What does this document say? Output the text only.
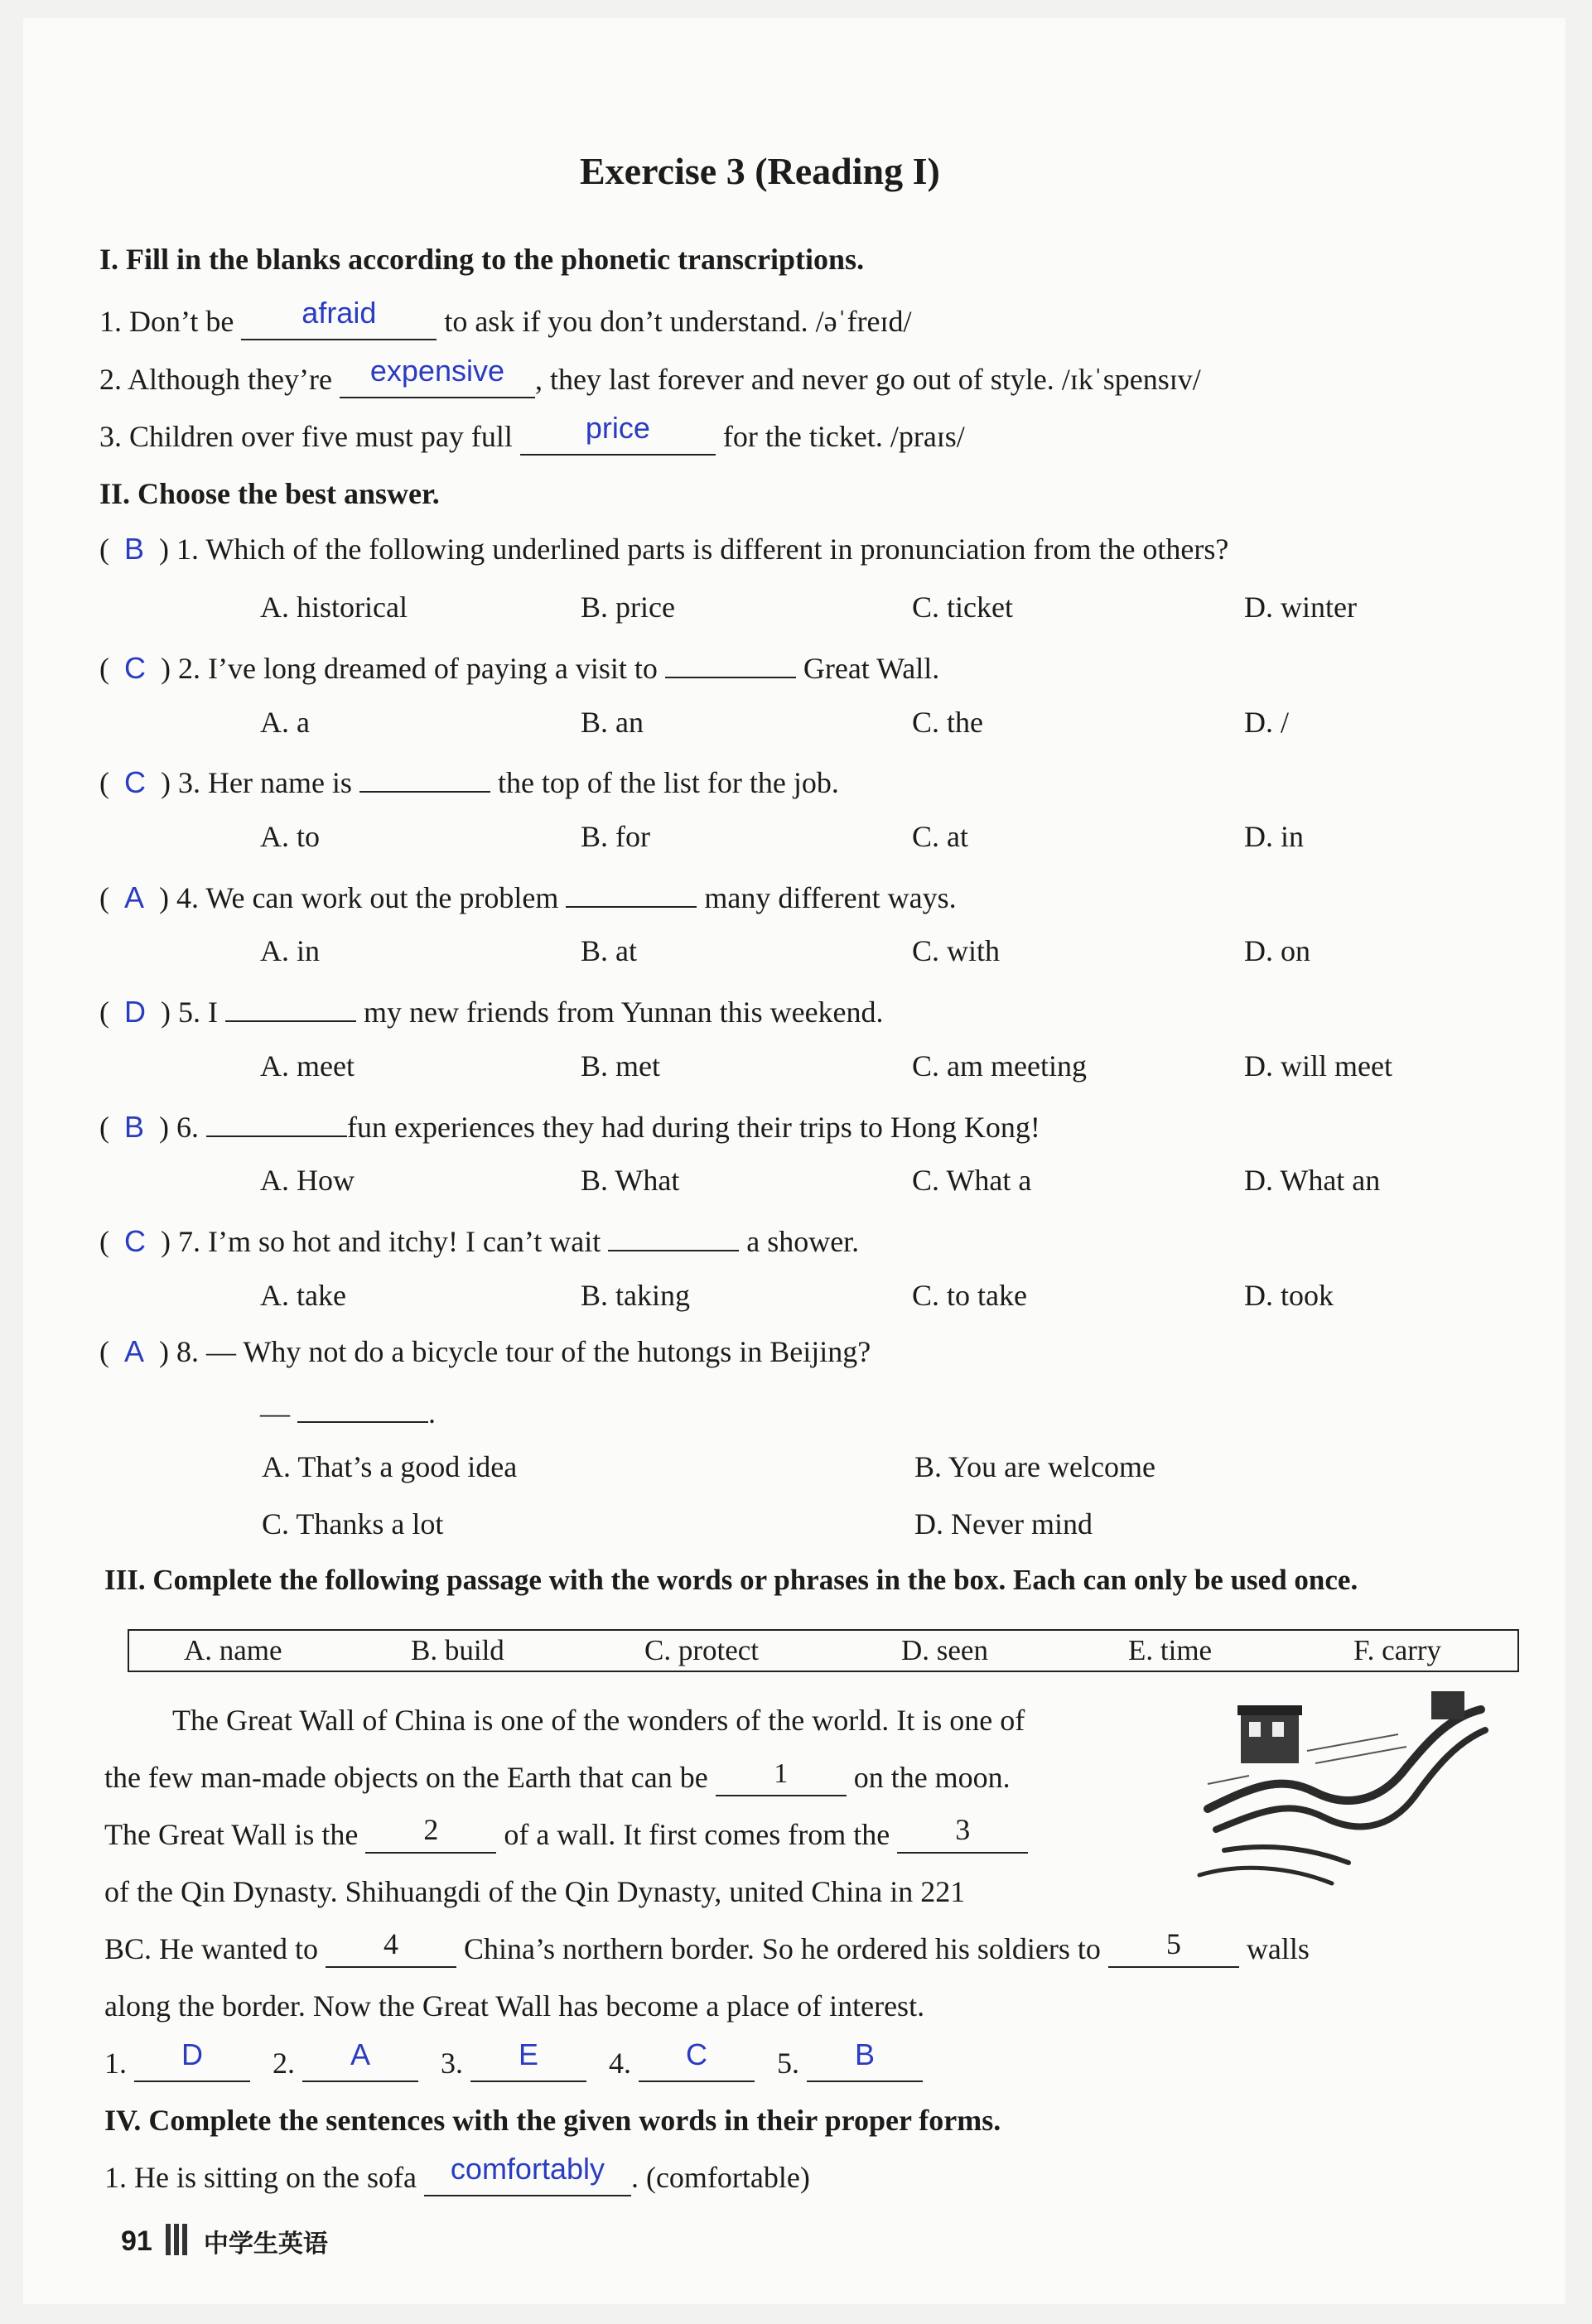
Exercise 3 (Reading I)
I. Fill in the blanks according to the phonetic transcriptions.
1. Don’t be afraid to ask if you don’t understand. /əˈfreɪd/
2. Although they’re expensive , they last forever and never go out of style. /ɪkˈspensɪv/
3. Children over five must pay full price for the ticket. /praɪs/
II. Choose the best answer.
(  B  ) 1. Which of the following underlined parts is different in pronunciation from the others?
A. historical	B. price	C. ticket	D. winter
(  C  ) 2. I’ve long dreamed of paying a visit to	Great Wall.
A. a	B. an	C. the	D. /
(  C  ) 3. Her name is	the top of the list for the job.
A. to	B. for	C. at	D. in
(  A  ) 4. We can work out the problem	many different ways.
A. in	B. at	C. with	D. on
(  D  ) 5. I	my new friends from Yunnan this weekend.
A. meet	B. met	C. am meeting	D. will meet
(  B  ) 6.	fun experiences they had during their trips to Hong Kong!
A. How	B. What	C. What a	D. What an
(  C  ) 7. I’m so hot and itchy! I can’t wait	a shower.
A. take	B. taking	C. to take	D. took
(  A  ) 8. — Why not do a bicycle tour of the hutongs in Beijing?
—	.
A. That’s a good idea	B. You are welcome
C. Thanks a lot	D. Never mind
III. Complete the following passage with the words or phrases in the box. Each can only be used once.
A. name	B. build	C. protect	D. seen	E. time	F. carry
The Great Wall of China is one of the wonders of the world. It is one of
the few man-made objects on the Earth that can be 1 on the moon.
The Great Wall is the 2 of a wall. It first comes from the 3
of the Qin Dynasty. Shihuangdi of the Qin Dynasty, united China in 221
BC. He wanted to 4 China’s northern border. So he ordered his soldiers to 5 walls
along the border. Now the Great Wall has become a place of interest.
1. D 2. A 3. E 4. C 5. B
IV. Complete the sentences with the given words in their proper forms.
1. He is sitting on the sofa comfortably . (comfortable)
91 中学生英语
